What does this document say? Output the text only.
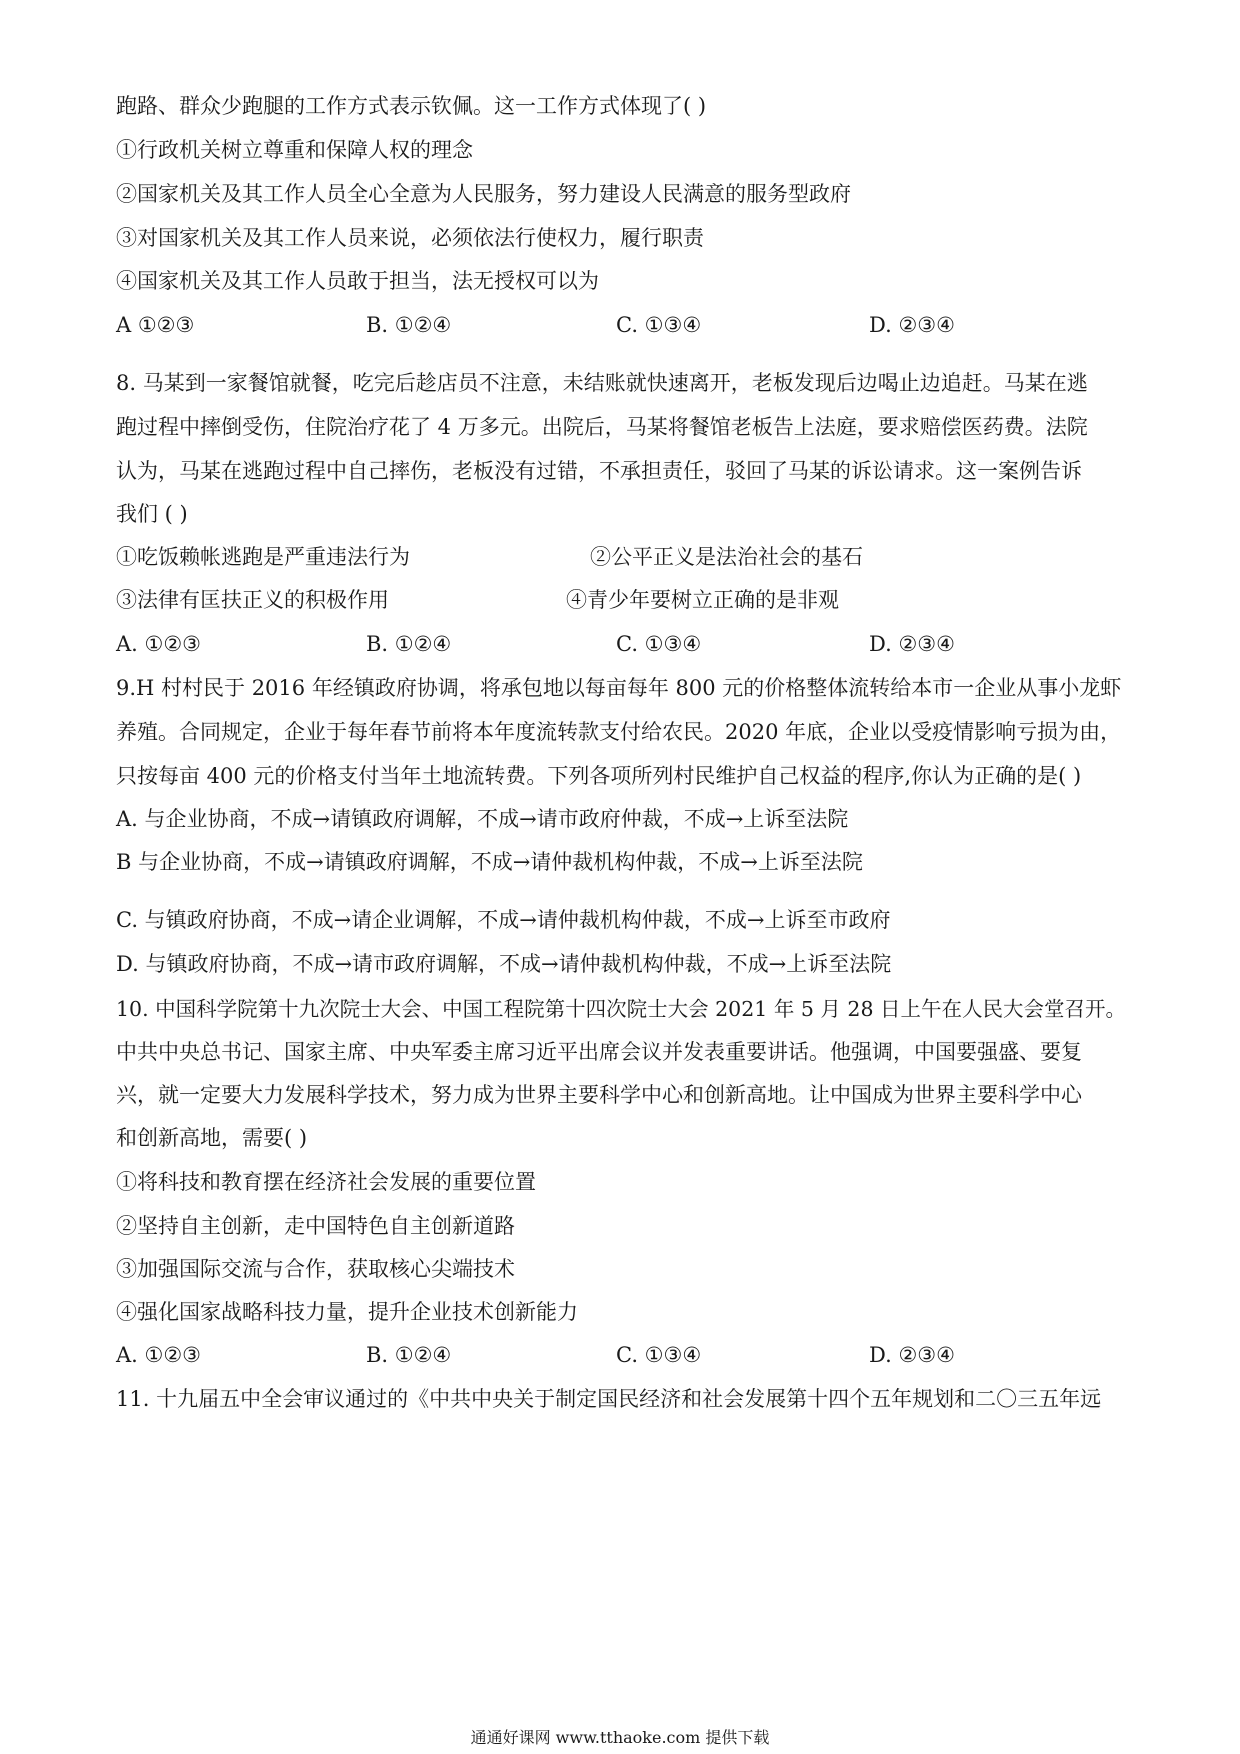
跑路、群众少跑腿的工作方式表示钦佩。这一工作方式体现了( )
①行政机关树立尊重和保障人权的理念
②国家机关及其工作人员全心全意为人民服务，努力建设人民满意的服务型政府
③对国家机关及其工作人员来说，必须依法行使权力，履行职责
④国家机关及其工作人员敢于担当，法无授权可以为
A ①②③	B. ①②④	C. ①③④	D. ②③④
8. 马某到一家餐馆就餐，吃完后趁店员不注意，未结账就快速离开，老板发现后边喝止边追赶。马某在逃
跑过程中摔倒受伤，住院治疗花了 4 万多元。出院后，马某将餐馆老板告上法庭，要求赔偿医药费。法院
认为，马某在逃跑过程中自己摔伤，老板没有过错，不承担责任，驳回了马某的诉讼请求。这一案例告诉
我们 ( )
①吃饭赖帐逃跑是严重违法行为	②公平正义是法治社会的基石
③法律有匡扶正义的积极作用	④青少年要树立正确的是非观
A. ①②③	B. ①②④	C. ①③④	D. ②③④
9.H 村村民于 2016 年经镇政府协调，将承包地以每亩每年 800 元的价格整体流转给本市一企业从事小龙虾
养殖。合同规定，企业于每年春节前将本年度流转款支付给农民。2020 年底，企业以受疫情影响亏损为由，
只按每亩 400 元的价格支付当年土地流转费。下列各项所列村民维护自己权益的程序,你认为正确的是( )
A. 与企业协商，不成→请镇政府调解，不成→请市政府仲裁，不成→上诉至法院
B 与企业协商，不成→请镇政府调解，不成→请仲裁机构仲裁，不成→上诉至法院
C. 与镇政府协商，不成→请企业调解，不成→请仲裁机构仲裁，不成→上诉至市政府
D. 与镇政府协商，不成→请市政府调解，不成→请仲裁机构仲裁，不成→上诉至法院
10. 中国科学院第十九次院士大会、中国工程院第十四次院士大会 2021 年 5 月 28 日上午在人民大会堂召开。
中共中央总书记、国家主席、中央军委主席习近平出席会议并发表重要讲话。他强调，中国要强盛、要复
兴，就一定要大力发展科学技术，努力成为世界主要科学中心和创新高地。让中国成为世界主要科学中心
和创新高地，需要( )
①将科技和教育摆在经济社会发展的重要位置
②坚持自主创新，走中国特色自主创新道路
③加强国际交流与合作，获取核心尖端技术
④强化国家战略科技力量，提升企业技术创新能力
A. ①②③	B. ①②④	C. ①③④	D. ②③④
11. 十九届五中全会审议通过的《中共中央关于制定国民经济和社会发展第十四个五年规划和二〇三五年远
通通好课网 www.tthaoke.com 提供下载
